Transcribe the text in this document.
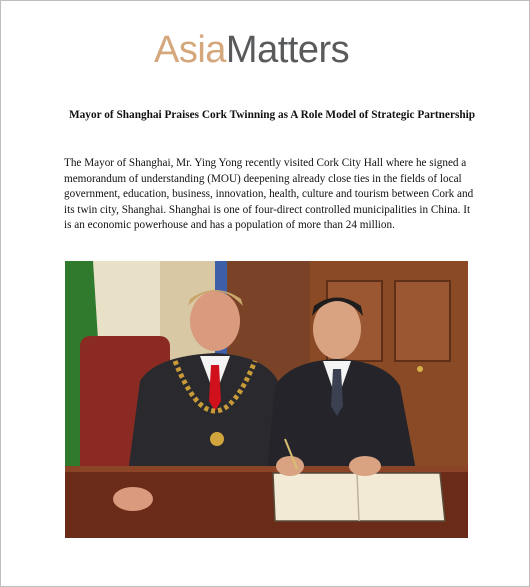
AsiaMatters
Mayor of Shanghai Praises Cork Twinning as A Role Model of Strategic Partnership
The Mayor of Shanghai, Mr. Ying Yong recently visited Cork City Hall where he signed a memorandum of understanding (MOU) deepening already close ties in the fields of local government, education, business, innovation, health, culture and tourism between Cork and its twin city, Shanghai. Shanghai is one of four-direct controlled municipalities in China. It is an economic powerhouse and has a population of more than 24 million.
